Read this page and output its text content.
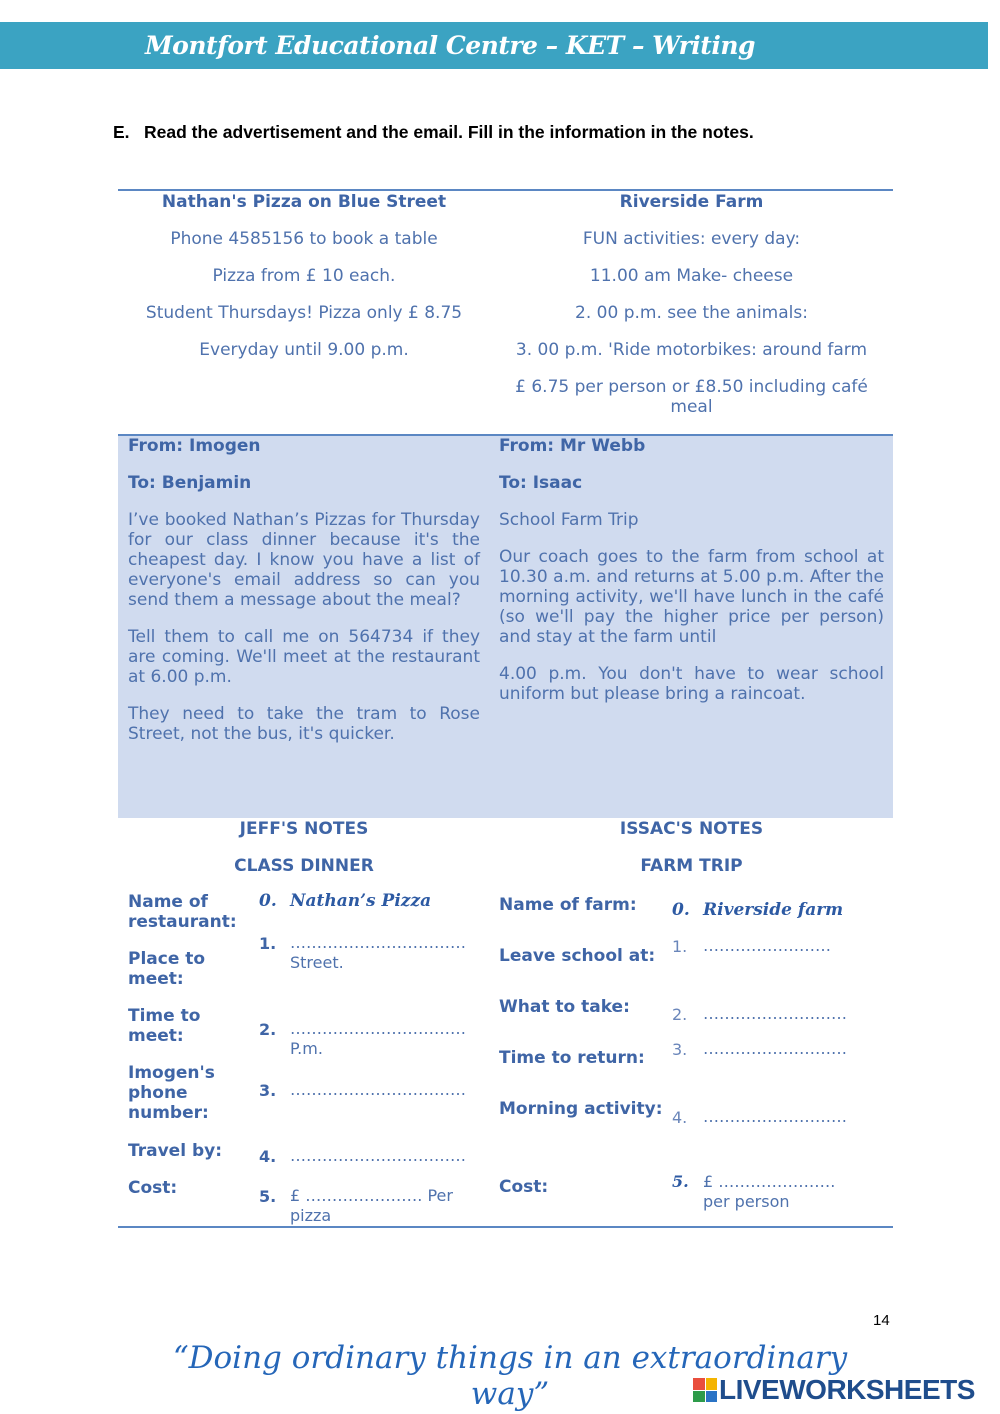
Montfort Educational Centre – KET – Writing
E. Read the advertisement and the email. Fill in the information in the notes.
Nathan's Pizza on Blue Street
Phone 4585156 to book a table
Pizza from £ 10 each.
Student Thursdays! Pizza only £ 8.75
Everyday until 9.00 p.m.
Riverside Farm
FUN activities: every day:
11.00 am Make- cheese
2. 00 p.m. see the animals:
3. 00 p.m. 'Ride motorbikes: around farm
£ 6.75 per person or £8.50 including café meal
From: Imogen
To: Benjamin
I’ve booked Nathan’s Pizzas for Thursday for our class dinner because it's the cheapest day. I know you have a list of everyone's email address so can you send them a message about the meal?
Tell them to call me on 564734 if they are coming. We'll meet at the restaurant at 6.00 p.m.
They need to take the tram to Rose Street, not the bus, it's quicker.
From: Mr Webb
To: Isaac
School Farm Trip
Our coach goes to the farm from school at 10.30 a.m. and returns at 5.00 p.m. After the morning activity, we'll have lunch in the café (so we'll pay the higher price per person) and stay at the farm until
4.00 p.m. You don't have to wear school uniform but please bring a raincoat.
JEFF'S NOTES
CLASS DINNER
ISSAC'S NOTES
FARM TRIP
Name of restaurant:
Place to meet:
Time to meet:
Imogen's phone number:
Travel by:
Cost:
0. Nathan’s Pizza
1. ……………………………
Street.
2. ……………………………
P.m.
3. ……………………………
4. ……………………………
5. £ …………………. Per pizza
Name of farm:
Leave school at:
What to take:
Time to return:
Morning activity:
Cost:
0. Riverside farm
1. ……………………
2. ………………………
3. ………………………
4. ………………………
5. £ ………………….
per person
14
“Doing ordinary things in an extraordinary way”	LIVEWORKSHEETS
